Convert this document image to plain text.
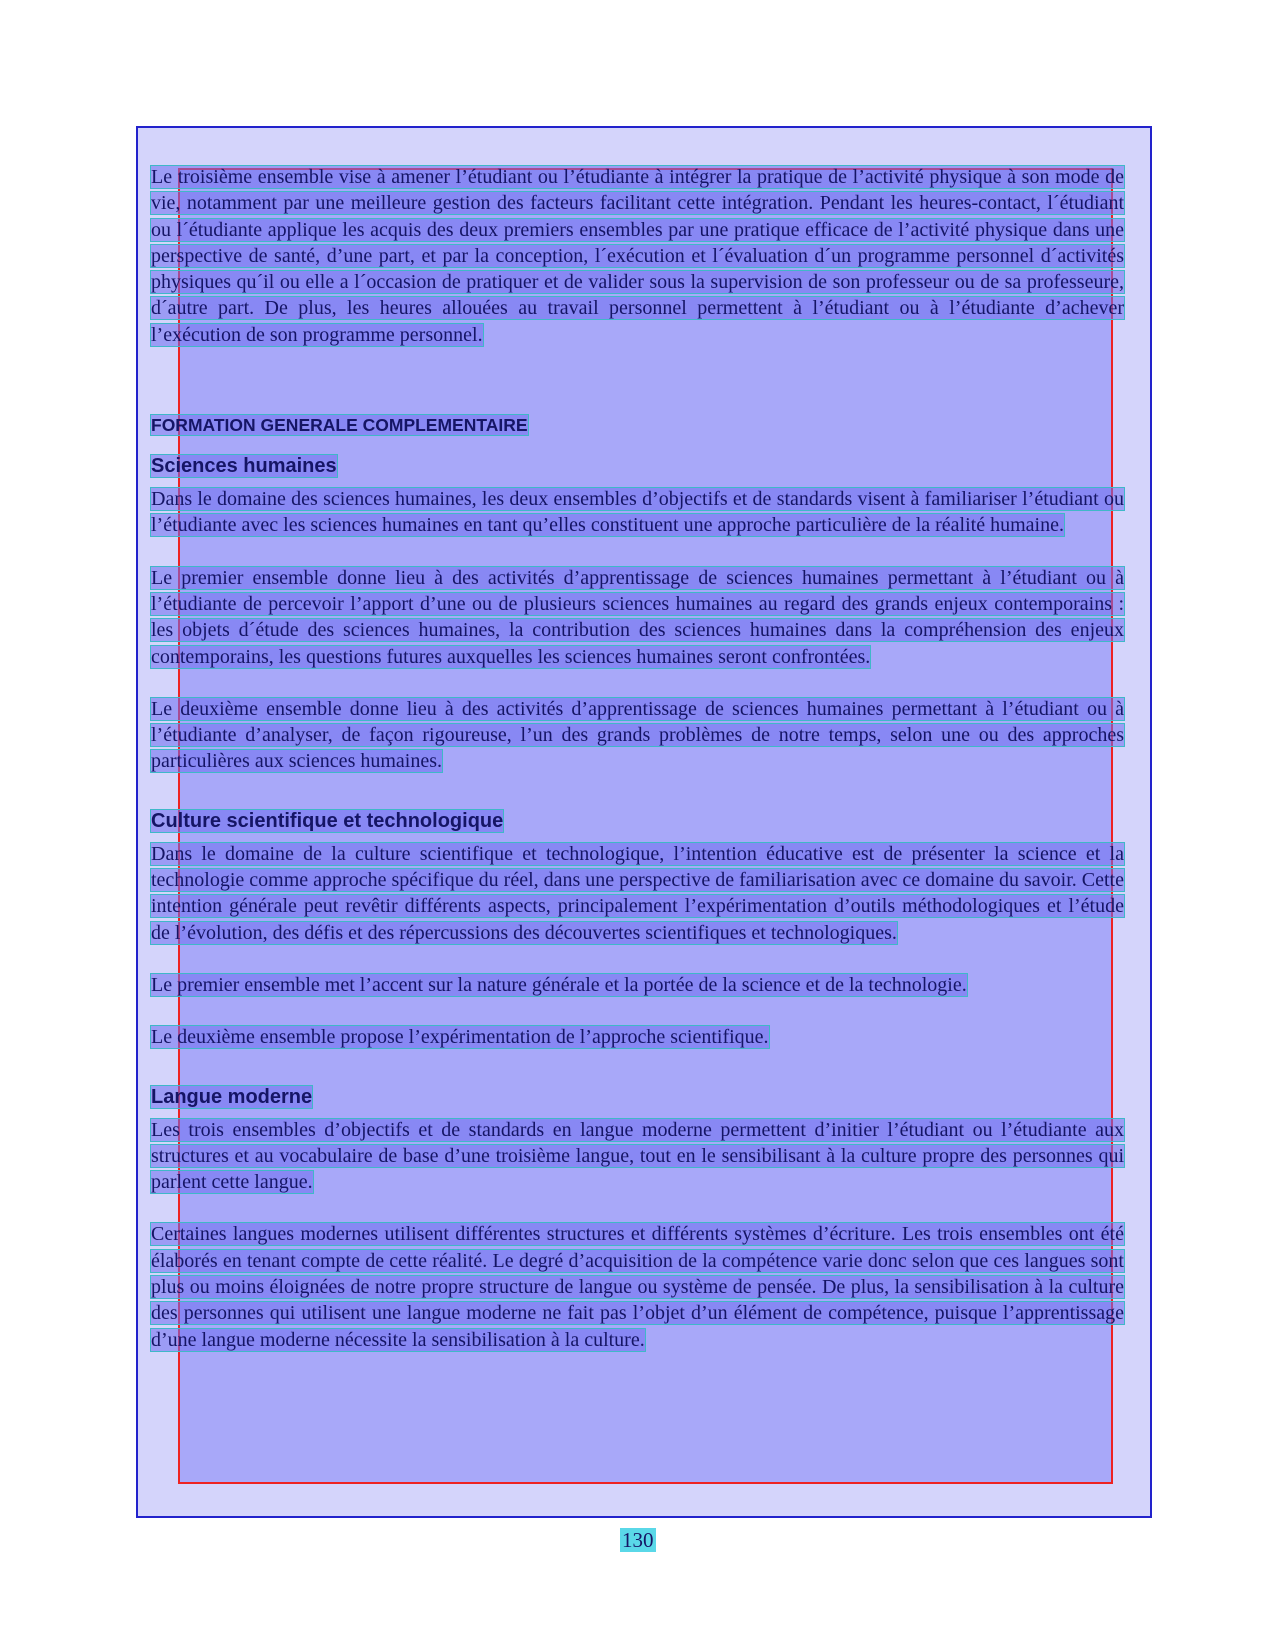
Le troisième ensemble vise à amener l’étudiant ou l’étudiante à intégrer la pratique de l’activité physique à son mode de vie, notamment par une meilleure gestion des facteurs facilitant cette intégration. Pendant les heures-contact, l´étudiant ou l´étudiante applique les acquis des deux premiers ensembles par une pratique efficace de l’activité physique dans une perspective de santé, d’une part, et par la conception, l´exécution et l´évaluation d´un programme personnel d´activités physiques qu´il ou elle a l´occasion de pratiquer et de valider sous la supervision de son professeur ou de sa professeure, d´autre part. De plus, les heures allouées au travail personnel permettent à l’étudiant ou à l’étudiante d’achever l’exécution de son programme personnel.

FORMATION GENERALE COMPLEMENTAIRE

Sciences humaines

Dans le domaine des sciences humaines, les deux ensembles d’objectifs et de standards visent à familiariser l’étudiant ou l’étudiante avec les sciences humaines en tant qu’elles constituent une approche particulière de la réalité humaine.

Le premier ensemble donne lieu à des activités d’apprentissage de sciences humaines permettant à l’étudiant ou à l’étudiante de percevoir l’apport d’une ou de plusieurs sciences humaines au regard des grands enjeux contemporains : les objets d´étude des sciences humaines, la contribution des sciences humaines dans la compréhension des enjeux contemporains, les questions futures auxquelles les sciences humaines seront confrontées.

Le deuxième ensemble donne lieu à des activités d’apprentissage de sciences humaines permettant à l’étudiant ou à l’étudiante d’analyser, de façon rigoureuse, l’un des grands problèmes de notre temps, selon une ou des approches particulières aux sciences humaines.

Culture scientifique et technologique

Dans le domaine de la culture scientifique et technologique, l’intention éducative est de présenter la science et la technologie comme approche spécifique du réel, dans une perspective de familiarisation avec ce domaine du savoir. Cette intention générale peut revêtir différents aspects, principalement l’expérimentation d’outils méthodologiques et l’étude de l’évolution, des défis et des répercussions des découvertes scientifiques et technologiques.

Le premier ensemble met l’accent sur la nature générale et la portée de la science et de la technologie.

Le deuxième ensemble propose l’expérimentation de l’approche scientifique.

Langue moderne

Les trois ensembles d’objectifs et de standards en langue moderne permettent d’initier l’étudiant ou l’étudiante aux structures et au vocabulaire de base d’une troisième langue, tout en le sensibilisant à la culture propre des personnes qui parlent cette langue.

Certaines langues modernes utilisent différentes structures et différents systèmes d’écriture. Les trois ensembles ont été élaborés en tenant compte de cette réalité. Le degré d’acquisition de la compétence varie donc selon que ces langues sont plus ou moins éloignées de notre propre structure de langue ou système de pensée. De plus, la sensibilisation à la culture des personnes qui utilisent une langue moderne ne fait pas l’objet d’un élément de compétence, puisque l’apprentissage d’une langue moderne nécessite la sensibilisation à la culture.

130
